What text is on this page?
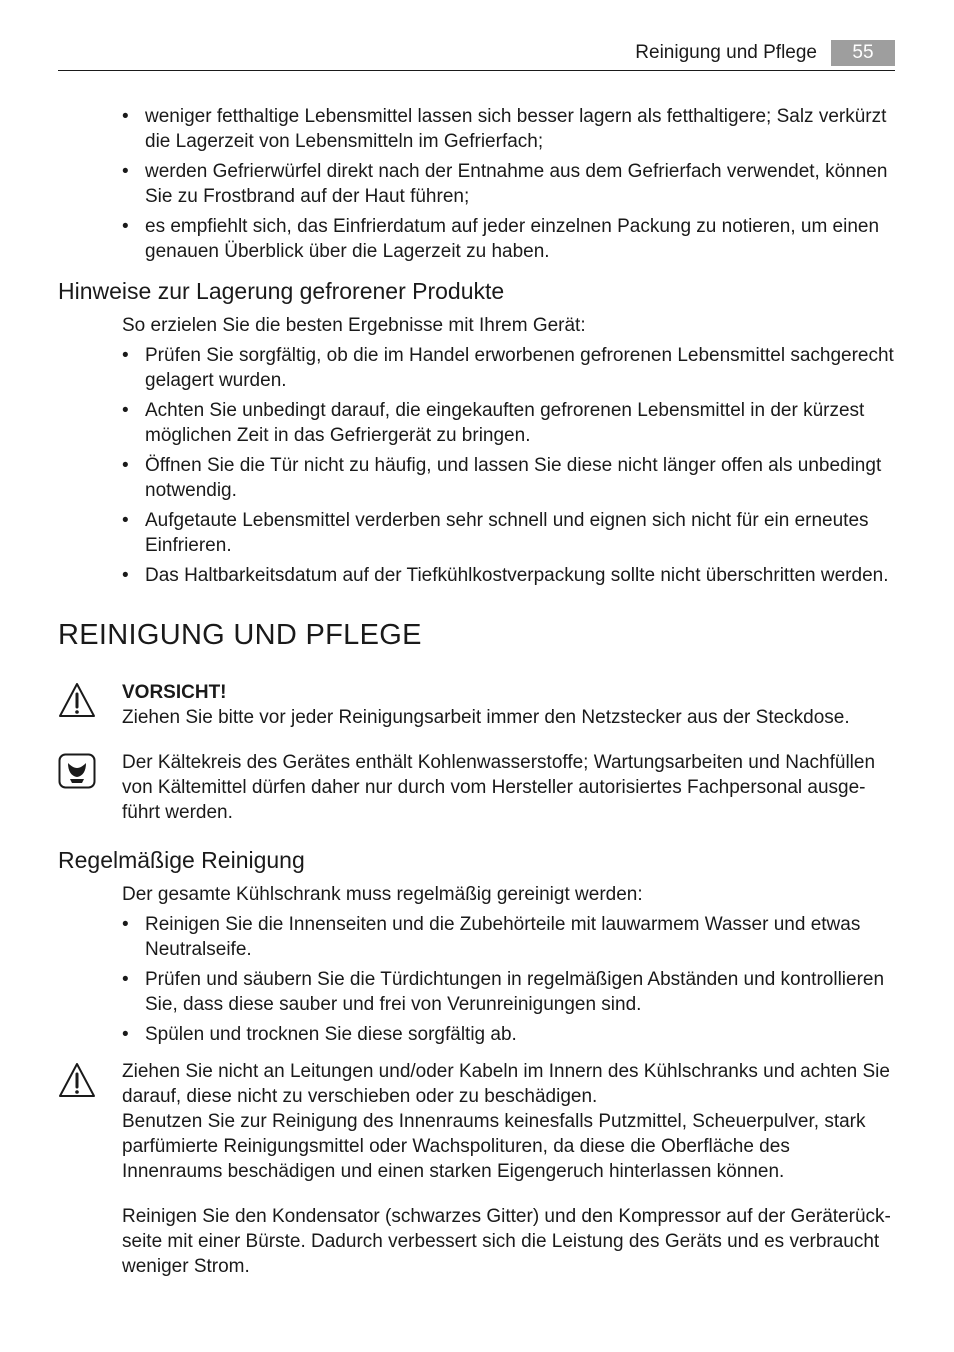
Reinigung und Pflege	55
• weniger fetthaltige Lebensmittel lassen sich besser lagern als fetthaltigere; Salz verkürzt die Lagerzeit von Lebensmitteln im Gefrierfach;
• werden Gefrierwürfel direkt nach der Entnahme aus dem Gefrierfach verwendet, können Sie zu Frostbrand auf der Haut führen;
• es empfiehlt sich, das Einfrierdatum auf jeder einzelnen Packung zu notieren, um einen genauen Überblick über die Lagerzeit zu haben.
Hinweise zur Lagerung gefrorener Produkte
So erzielen Sie die besten Ergebnisse mit Ihrem Gerät:
• Prüfen Sie sorgfältig, ob die im Handel erworbenen gefrorenen Lebensmittel sachgerecht gelagert wurden.
• Achten Sie unbedingt darauf, die eingekauften gefrorenen Lebensmittel in der kürzest möglichen Zeit in das Gefriergerät zu bringen.
• Öffnen Sie die Tür nicht zu häufig, und lassen Sie diese nicht länger offen als unbedingt notwendig.
• Aufgetaute Lebensmittel verderben sehr schnell und eignen sich nicht für ein erneutes Einfrieren.
• Das Haltbarkeitsdatum auf der Tiefkühlkostverpackung sollte nicht überschritten werden.
REINIGUNG UND PFLEGE
VORSICHT!
Ziehen Sie bitte vor jeder Reinigungsarbeit immer den Netzstecker aus der Steckdose.
Der Kältekreis des Gerätes enthält Kohlenwasserstoffe; Wartungsarbeiten und Nachfüllen von Kältemittel dürfen daher nur durch vom Hersteller autorisiertes Fachpersonal ausge-führt werden.
Regelmäßige Reinigung
Der gesamte Kühlschrank muss regelmäßig gereinigt werden:
• Reinigen Sie die Innenseiten und die Zubehörteile mit lauwarmem Wasser und etwas Neutralseife.
• Prüfen und säubern Sie die Türdichtungen in regelmäßigen Abständen und kontrollieren Sie, dass diese sauber und frei von Verunreinigungen sind.
• Spülen und trocknen Sie diese sorgfältig ab.
Ziehen Sie nicht an Leitungen und/oder Kabeln im Innern des Kühlschranks und achten Sie darauf, diese nicht zu verschieben oder zu beschädigen.
Benutzen Sie zur Reinigung des Innenraums keinesfalls Putzmittel, Scheuerpulver, stark parfümierte Reinigungsmittel oder Wachspolituren, da diese die Oberfläche des Innenraums beschädigen und einen starken Eigengeruch hinterlassen können.
Reinigen Sie den Kondensator (schwarzes Gitter) und den Kompressor auf der Geräterück-seite mit einer Bürste. Dadurch verbessert sich die Leistung des Geräts und es verbraucht weniger Strom.
